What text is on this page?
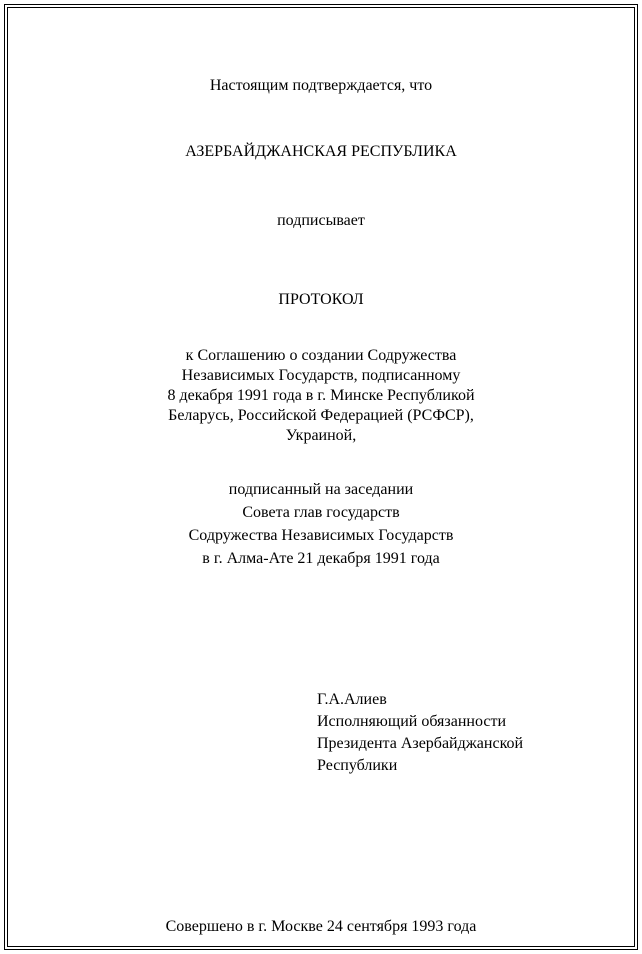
Настоящим подтверждается, что
АЗЕРБАЙДЖАНСКАЯ РЕСПУБЛИКА
подписывает
ПРОТОКОЛ
к Соглашению о создании Содружества
Независимых Государств, подписанному
8 декабря 1991 года в г. Минске Республикой
Беларусь, Российской Федерацией (РСФСР),
Украиной,
подписанный на заседании
Совета глав государств
Содружества Независимых Государств
в г. Алма-Ате 21 декабря 1991 года
Г.А.Алиев
Исполняющий обязанности
Президента Азербайджанской
Республики
Совершено в г. Москве 24 сентября 1993 года
